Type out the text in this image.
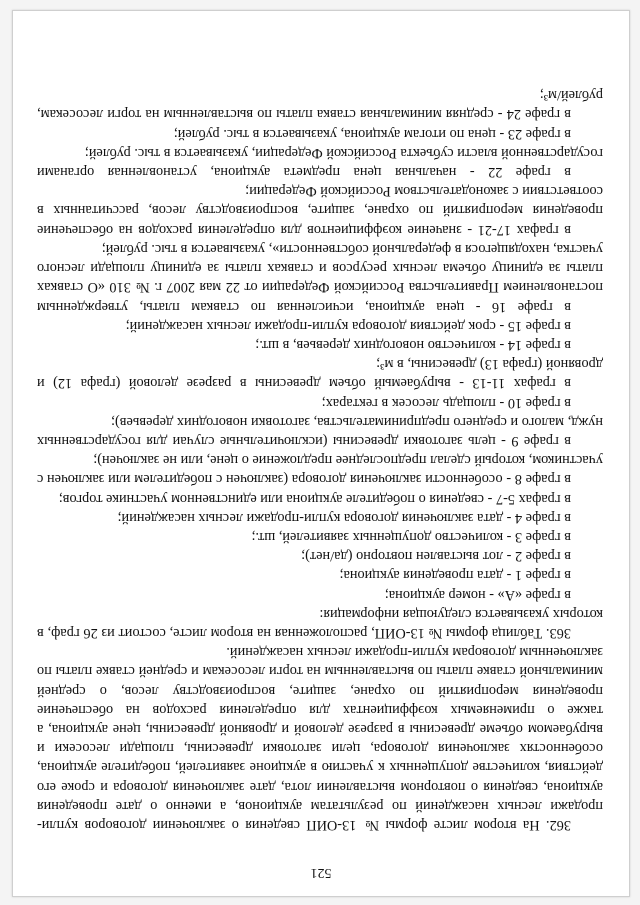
521

362. На втором листе формы № 13-ОИП сведения о заключении договоров купли-продажи лесных насаждений по результатам аукционов, а именно о дате проведения аукциона, сведения о повторном выставлении лота, дате заключения договора и сроке его действия, количестве допущенных к участию в аукционе заявителей, победителе аукциона, особенностях заключения договора, цели заготовки древесины, площади лесосеки и вырубаемом объеме древесины в разрезе деловой и дровяной древесины, цене аукциона, а также о применяемых коэффициентах для определения расходов на обеспечение проведения мероприятий по охране, защите, воспроизводству лесов, о средней минимальной ставке платы по выставленным на торги лесосекам и средней ставке платы по заключенным договорам купли-продажи лесных насаждений.

363. Таблица формы № 13-ОИП, расположенная на втором листе, состоит из 26 граф, в которых указывается следующая информация:

в графе «А» - номер аукциона;

в графе 1 - дата проведения аукциона;

в графе 2 - лот выставлен повторно (да/нет);

в графе 3 - количество допущенных заявителей, шт.;

в графе 4 - дата заключения договора купли-продажи лесных насаждений;

в графах 5-7 - сведения о победителе аукциона или единственном участнике торгов;

в графе 8 - особенности заключения договора (заключен с победителем или заключен с участником, который сделал предпоследнее предложение о цене, или не заключен);

в графе 9 - цель заготовки древесины (исключительные случаи для государственных нужд, малого и среднего предпринимательства, заготовки новогодних деревьев);

в графе 10 - площадь лесосек в гектарах;

в графах 11-13 - вырубаемый объем древесины в разрезе деловой (графа 12) и дровяной (графа 13) древесины, в м³;

в графе 14 - количество новогодних деревьев, в шт.;

в графе 15 - срок действия договора купли-продажи лесных насаждений;

в графе 16 - цена аукциона, исчисленная по ставкам платы, утвержденным постановлением Правительства Российской Федерации от 22 мая 2007 г. № 310 «О ставках платы за единицу объема лесных ресурсов и ставках платы за единицу площади лесного участка, находящегося в федеральной собственности», указывается в тыс. рублей;

в графах 17-21 - значение коэффициентов для определения расходов на обеспечение проведения мероприятий по охране, защите, воспроизводству лесов, рассчитанных в соответствии с законодательством Российской Федерации;

в графе 22 - начальная цена предмета аукциона, установленная органами государственной власти субъекта Российской Федерации, указывается в тыс. рублей;

в графе 23 - цена по итогам аукциона, указывается в тыс. рублей;

в графе 24 - средняя минимальная ставка платы по выставленным на торги лесосекам, рублей/м³;
